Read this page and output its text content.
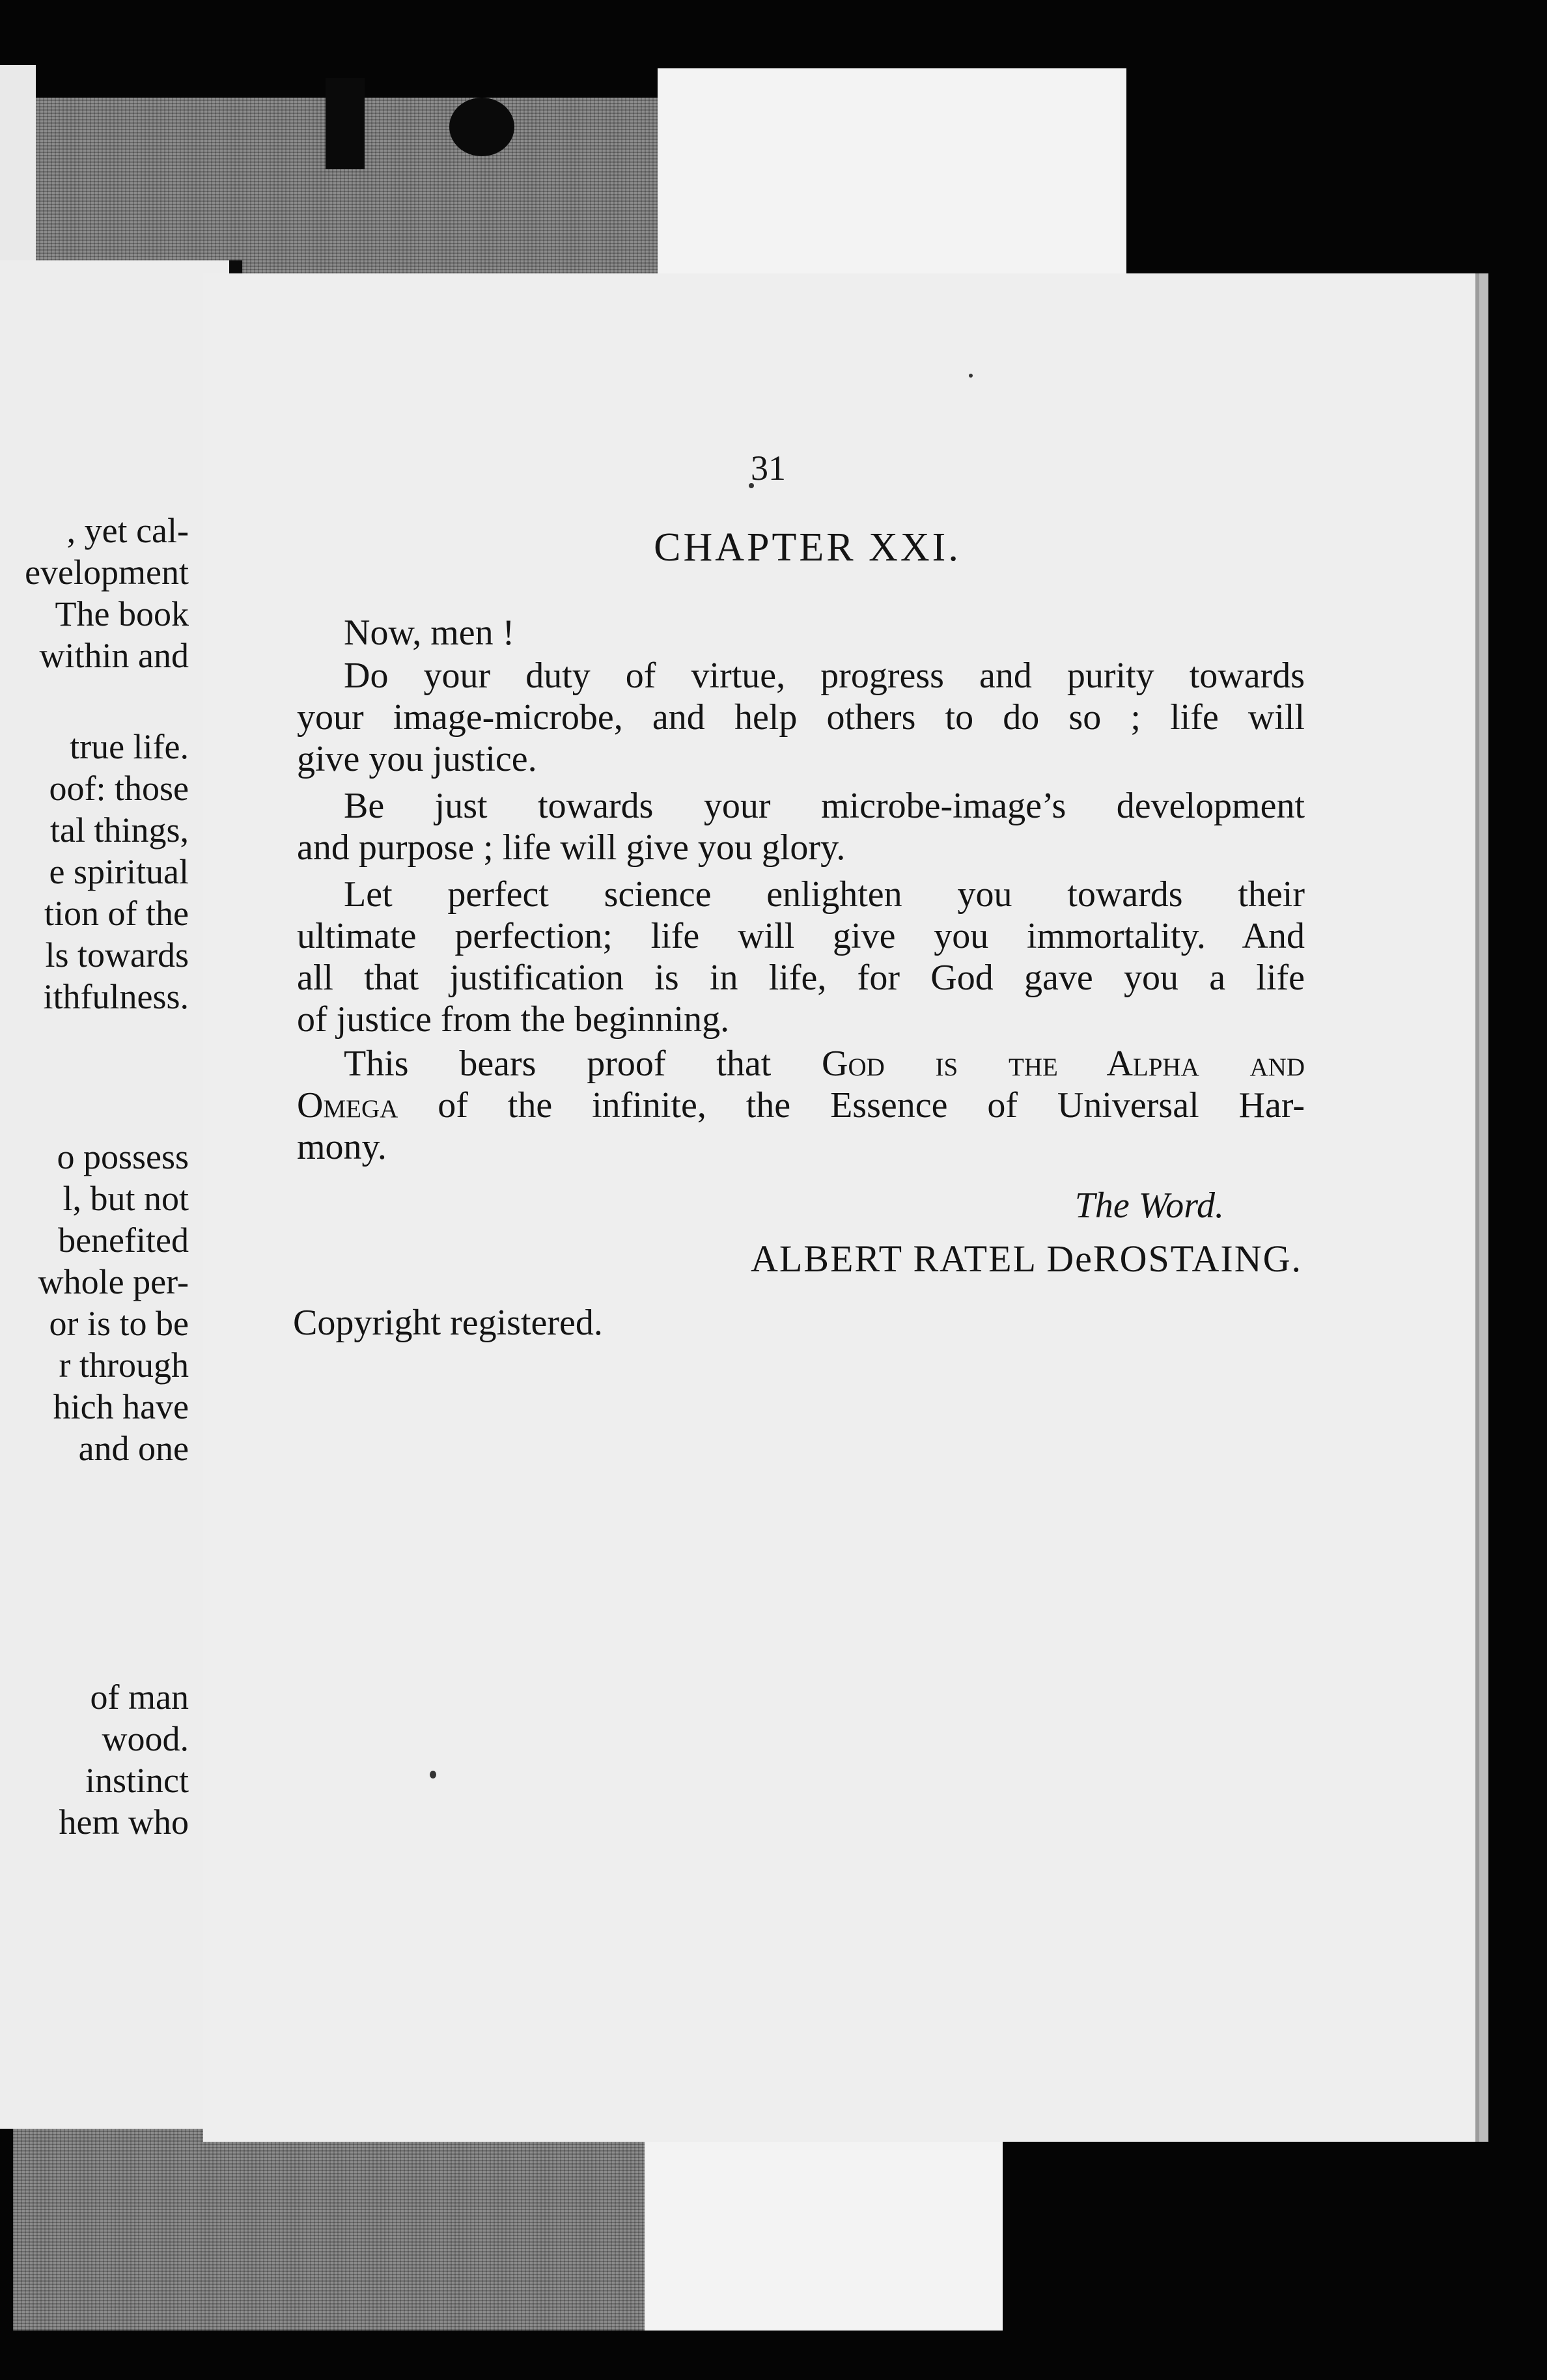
, yet cal-
evelopment
The book
within and
true life.
oof: those
tal things,
e spiritual
tion of the
ls towards
ithfulness.
o possess
l, but not
benefited
whole per-
or is to be
r through
hich have
and one
of man
wood.
instinct
hem who
31
CHAPTER XXI.
Now, men !
Do your duty of virtue, progress and purity towards
your image-microbe, and help others to do so ; life will
give you justice.
Be just towards your microbe-image’s development
and purpose ; life will give you glory.
Let perfect science enlighten you towards their
ultimate perfection; life will give you immortality. And
all that justification is in life, for God gave you a life
of justice from the beginning.
This bears proof that God is the Alpha and
Omega of the infinite, the Essence of Universal Har-
mony.
The Word.
ALBERT RATEL DeROSTAING.
Copyright registered.
